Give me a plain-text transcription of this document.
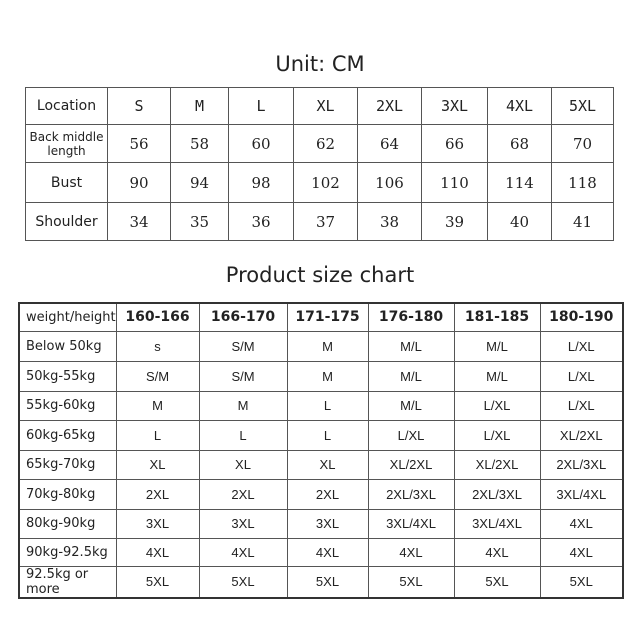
Unit: CM
Location	S	M	L	XL	2XL	3XL	4XL	5XL
Back middle length	56	58	60	62	64	66	68	70
Bust	90	94	98	102	106	110	114	118
Shoulder	34	35	36	37	38	39	40	41
Product size chart
weight/height	160-166	166-170	171-175	176-180	181-185	180-190
Below 50kg	s	S/M	M	M/L	M/L	L/XL
50kg-55kg	S/M	S/M	M	M/L	M/L	L/XL
55kg-60kg	M	M	L	M/L	L/XL	L/XL
60kg-65kg	L	L	L	L/XL	L/XL	XL/2XL
65kg-70kg	XL	XL	XL	XL/2XL	XL/2XL	2XL/3XL
70kg-80kg	2XL	2XL	2XL	2XL/3XL	2XL/3XL	3XL/4XL
80kg-90kg	3XL	3XL	3XL	3XL/4XL	3XL/4XL	4XL
90kg-92.5kg	4XL	4XL	4XL	4XL	4XL	4XL
92.5kg or more	5XL	5XL	5XL	5XL	5XL	5XL
